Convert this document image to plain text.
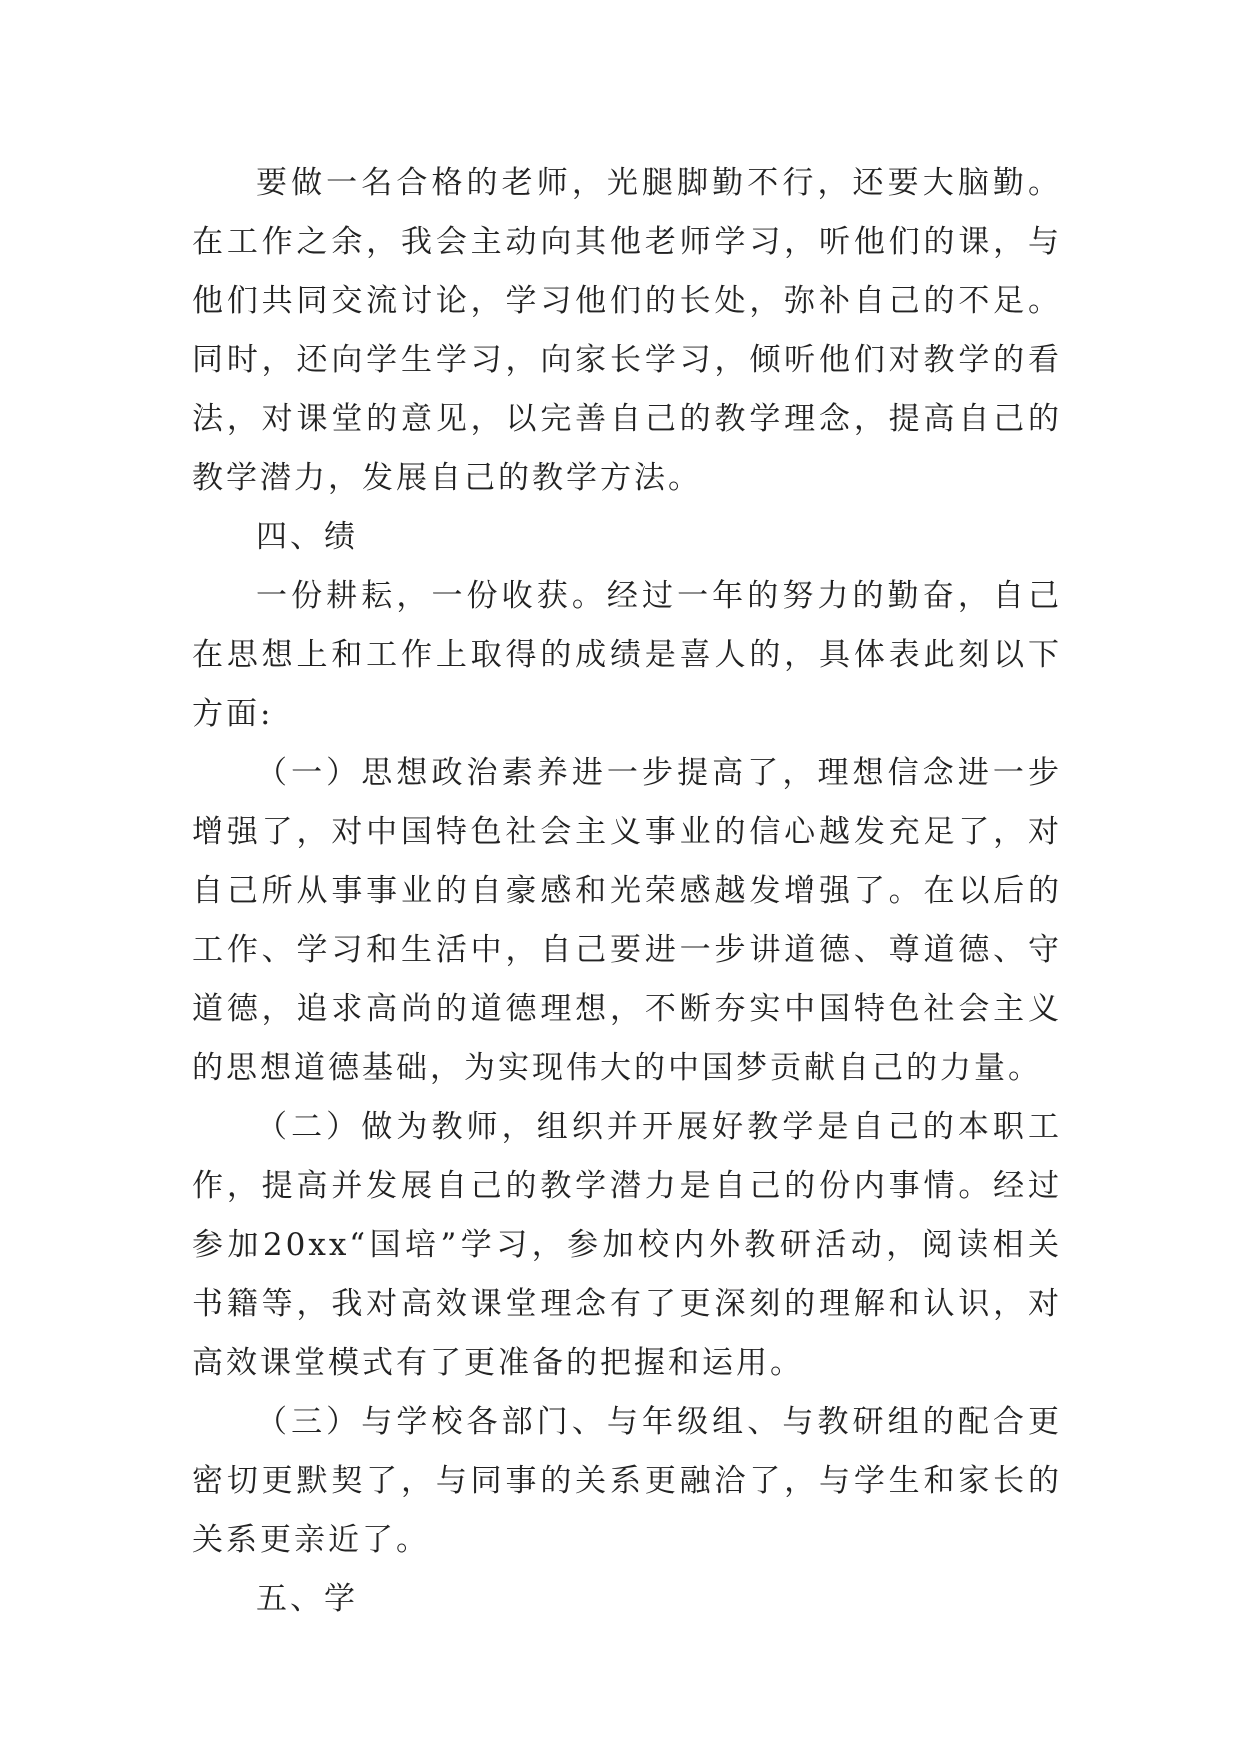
要做一名合格的老师，光腿脚勤不行，还要大脑勤。在工作之余，我会主动向其他老师学习，听他们的课，与他们共同交流讨论，学习他们的长处，弥补自己的不足。同时，还向学生学习，向家长学习，倾听他们对教学的看法，对课堂的意见，以完善自己的教学理念，提高自己的教学潜力，发展自己的教学方法。

四、绩

一份耕耘，一份收获。经过一年的努力的勤奋，自己在思想上和工作上取得的成绩是喜人的，具体表此刻以下方面:

（一）思想政治素养进一步提高了，理想信念进一步增强了，对中国特色社会主义事业的信心越发充足了，对自己所从事事业的自豪感和光荣感越发增强了。在以后的工作、学习和生活中，自己要进一步讲道德、尊道德、守道德，追求高尚的道德理想，不断夯实中国特色社会主义的思想道德基础，为实现伟大的中国梦贡献自己的力量。

（二）做为教师，组织并开展好教学是自己的本职工作，提高并发展自己的教学潜力是自己的份内事情。经过参加20xx“国培”学习，参加校内外教研活动，阅读相关书籍等，我对高效课堂理念有了更深刻的理解和认识，对高效课堂模式有了更准备的把握和运用。

（三）与学校各部门、与年级组、与教研组的配合更密切更默契了，与同事的关系更融洽了，与学生和家长的关系更亲近了。

五、学
